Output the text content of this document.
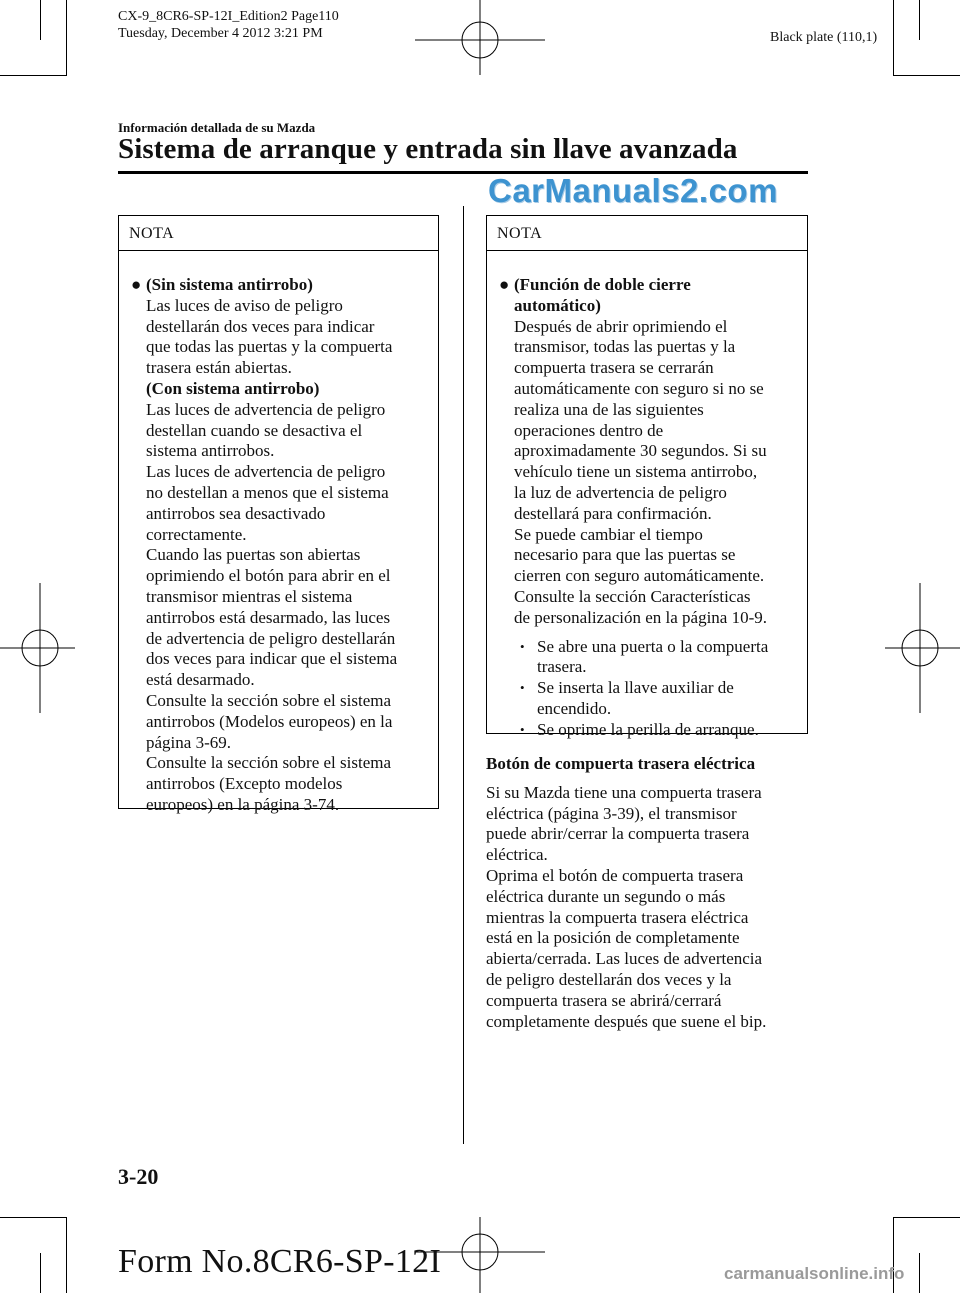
CX-9_8CR6-SP-12I_Edition2 Page110
Tuesday, December 4 2012 3:21 PM	Black plate (110,1)
Información detallada de su Mazda
Sistema de arranque y entrada sin llave avanzada
CarManuals2.com
NOTA
● (Sin sistema antirrobo)
Las luces de aviso de peligro
destellarán dos veces para indicar
que todas las puertas y la compuerta
trasera están abiertas.
(Con sistema antirrobo)
Las luces de advertencia de peligro
destellan cuando se desactiva el
sistema antirrobos.
Las luces de advertencia de peligro
no destellan a menos que el sistema
antirrobos sea desactivado
correctamente.
Cuando las puertas son abiertas
oprimiendo el botón para abrir en el
transmisor mientras el sistema
antirrobos está desarmado, las luces
de advertencia de peligro destellarán
dos veces para indicar que el sistema
está desarmado.
Consulte la sección sobre el sistema
antirrobos (Modelos europeos) en la
página 3-69.
Consulte la sección sobre el sistema
antirrobos (Excepto modelos
europeos) en la página 3-74.
NOTA
● (Función de doble cierre
automático)
Después de abrir oprimiendo el
transmisor, todas las puertas y la
compuerta trasera se cerrarán
automáticamente con seguro si no se
realiza una de las siguientes
operaciones dentro de
aproximadamente 30 segundos. Si su
vehículo tiene un sistema antirrobo,
la luz de advertencia de peligro
destellará para confirmación.
Se puede cambiar el tiempo
necesario para que las puertas se
cierren con seguro automáticamente.
Consulte la sección Características
de personalización en la página 10-9.
• Se abre una puerta o la compuerta
trasera.
• Se inserta la llave auxiliar de
encendido.
• Se oprime la perilla de arranque.
Botón de compuerta trasera eléctrica
Si su Mazda tiene una compuerta trasera
eléctrica (página 3-39), el transmisor
puede abrir/cerrar la compuerta trasera
eléctrica.
Oprima el botón de compuerta trasera
eléctrica durante un segundo o más
mientras la compuerta trasera eléctrica
está en la posición de completamente
abierta/cerrada. Las luces de advertencia
de peligro destellarán dos veces y la
compuerta trasera se abrirá/cerrará
completamente después que suene el bip.
3-20
Form No.8CR6-SP-12I	carmanualsonline.info
